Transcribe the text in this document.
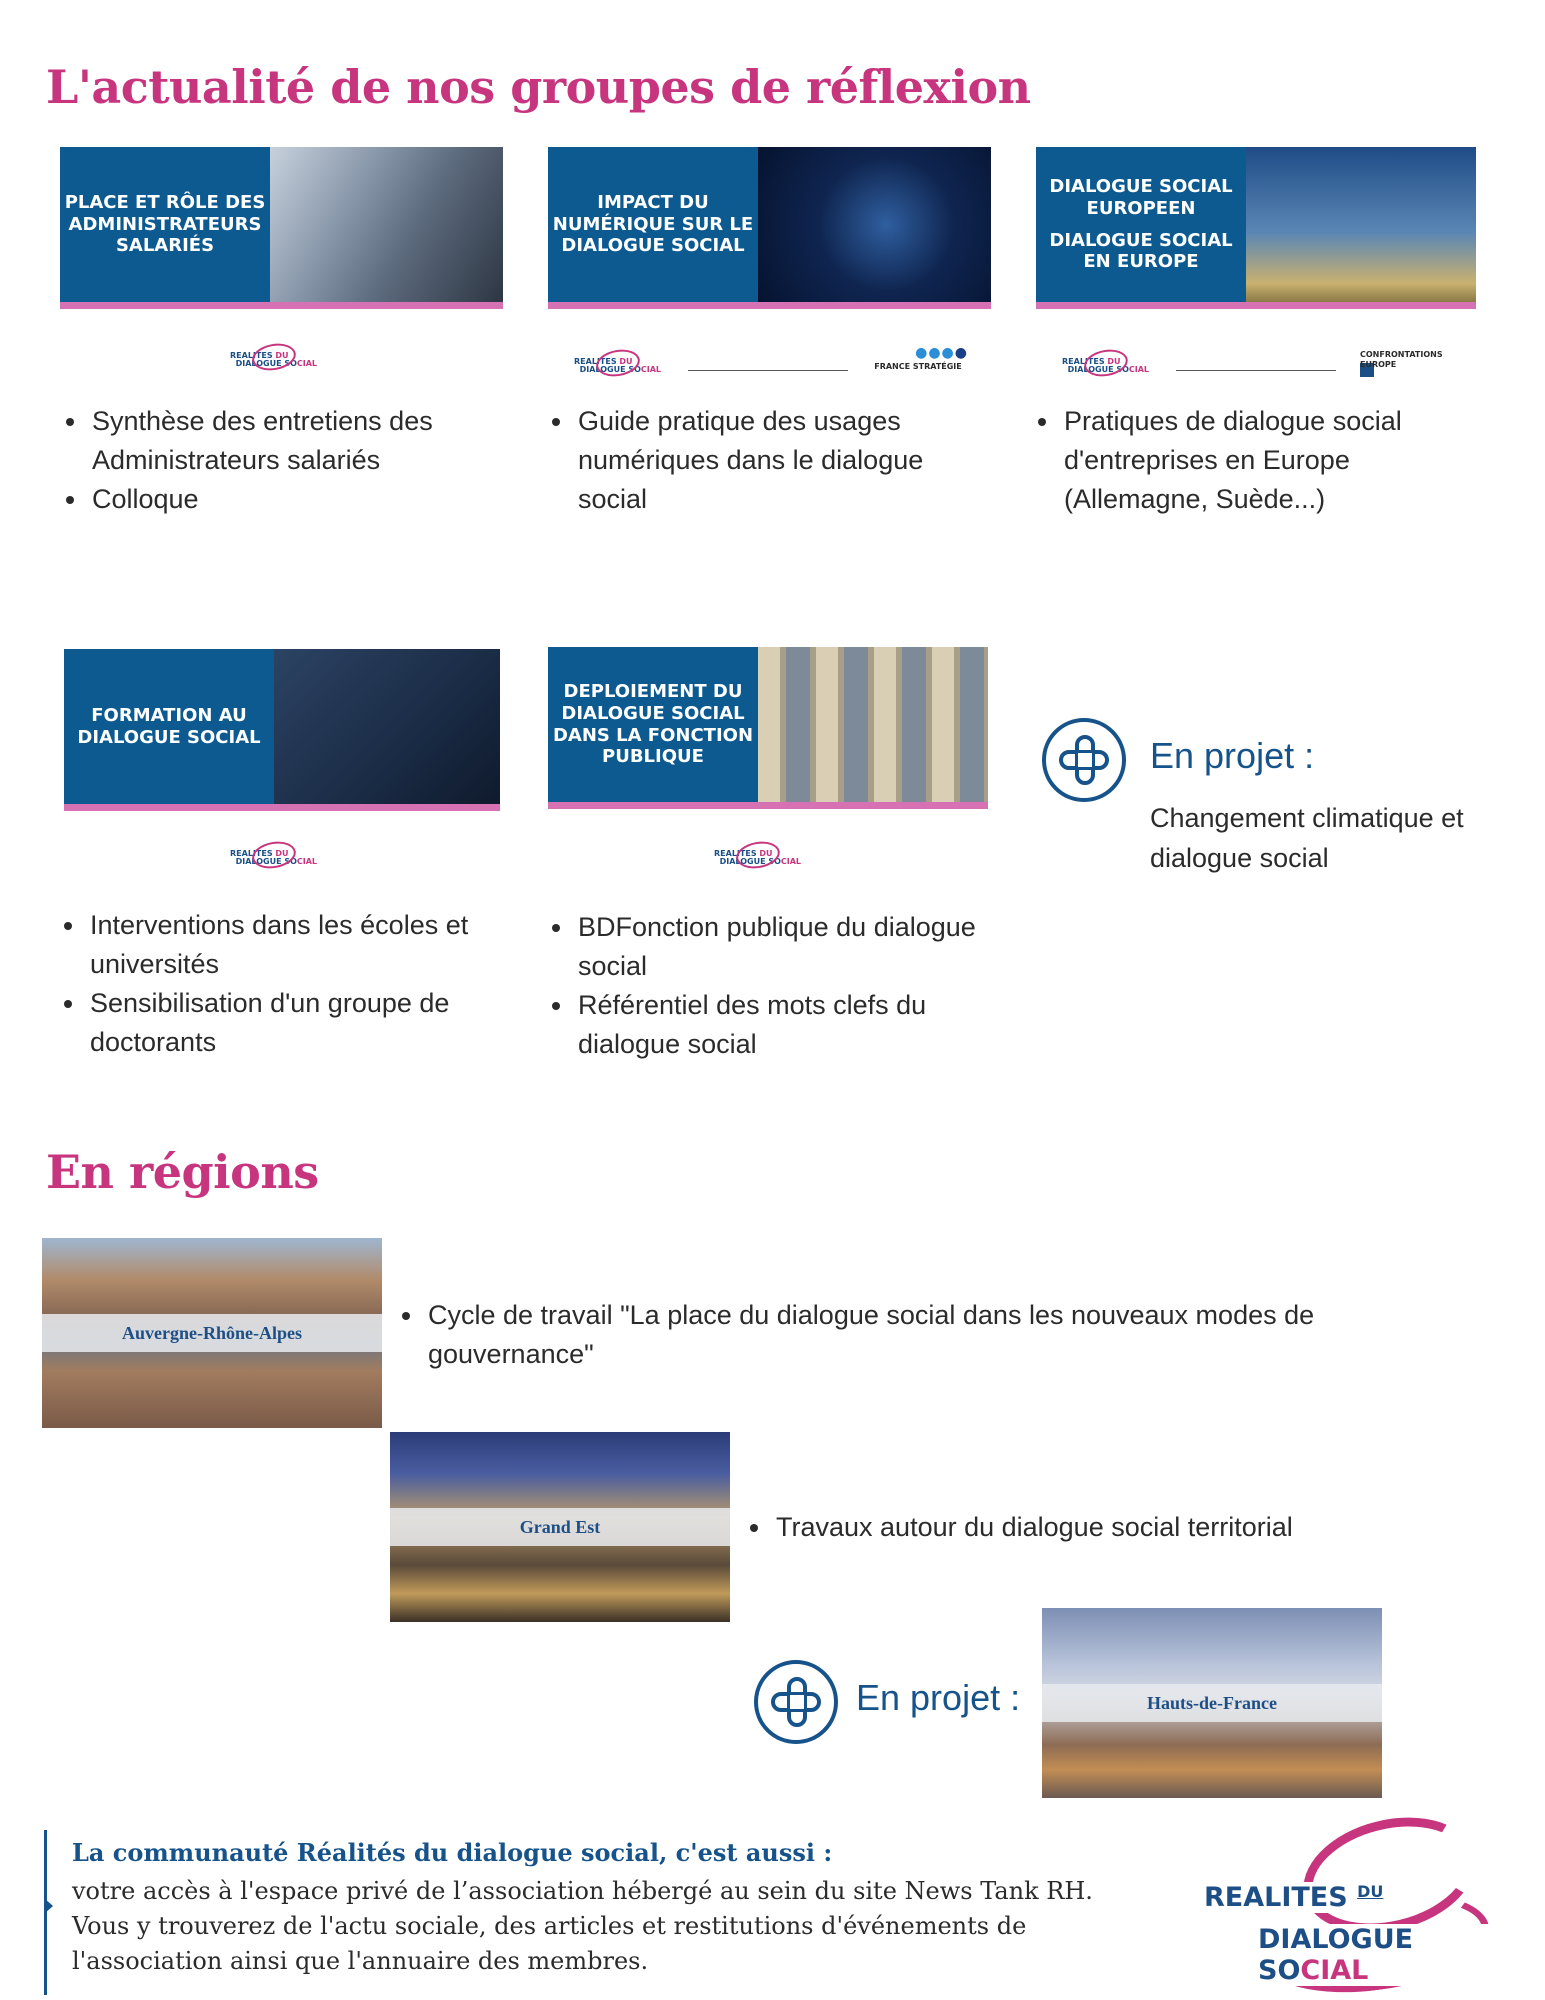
L'actualité de nos groupes de réflexion
PLACE ET RÔLE DES ADMINISTRATEURS SALARIÉS
REALITES DU
DIALOGUE SOCIAL
Synthèse des entretiens des Administrateurs salariés
Colloque
IMPACT DU NUMÉRIQUE SUR LE DIALOGUE SOCIAL
REALITES DU
DIALOGUE SOCIAL
●●●●
FRANCE STRATÉGIE
Guide pratique des usages numériques dans le dialogue social
DIALOGUE SOCIAL EUROPEEN
DIALOGUE SOCIAL EN EUROPE
REALITES DU
DIALOGUE SOCIAL
CONFRONTATIONS EUROPE
Pratiques de dialogue social d'entreprises en Europe (Allemagne, Suède...)
FORMATION AU DIALOGUE SOCIAL
REALITES DU
DIALOGUE SOCIAL
Interventions dans les écoles et universités
Sensibilisation d'un groupe de doctorants
DEPLOIEMENT DU DIALOGUE SOCIAL DANS LA FONCTION PUBLIQUE
REALITES DU
DIALOGUE SOCIAL
BDFonction publique du dialogue social
Référentiel des mots clefs du dialogue social
En projet :
Changement climatique et dialogue social
En régions
Auvergne-Rhône-Alpes
Cycle de travail "La place du dialogue social dans les nouveaux modes de gouvernance"
Grand Est	Travaux autour du dialogue social territorial
En projet :	Hauts-de-France
La communauté Réalités du dialogue social, c'est aussi :
votre accès à l'espace privé de l’association hébergé au sein du site News Tank RH. Vous y trouverez de l'actu sociale, des articles et restitutions d'événements de l'association ainsi que l'annuaire des membres.
REALITES $^{DU}$
DIALOGUE SOCIAL
